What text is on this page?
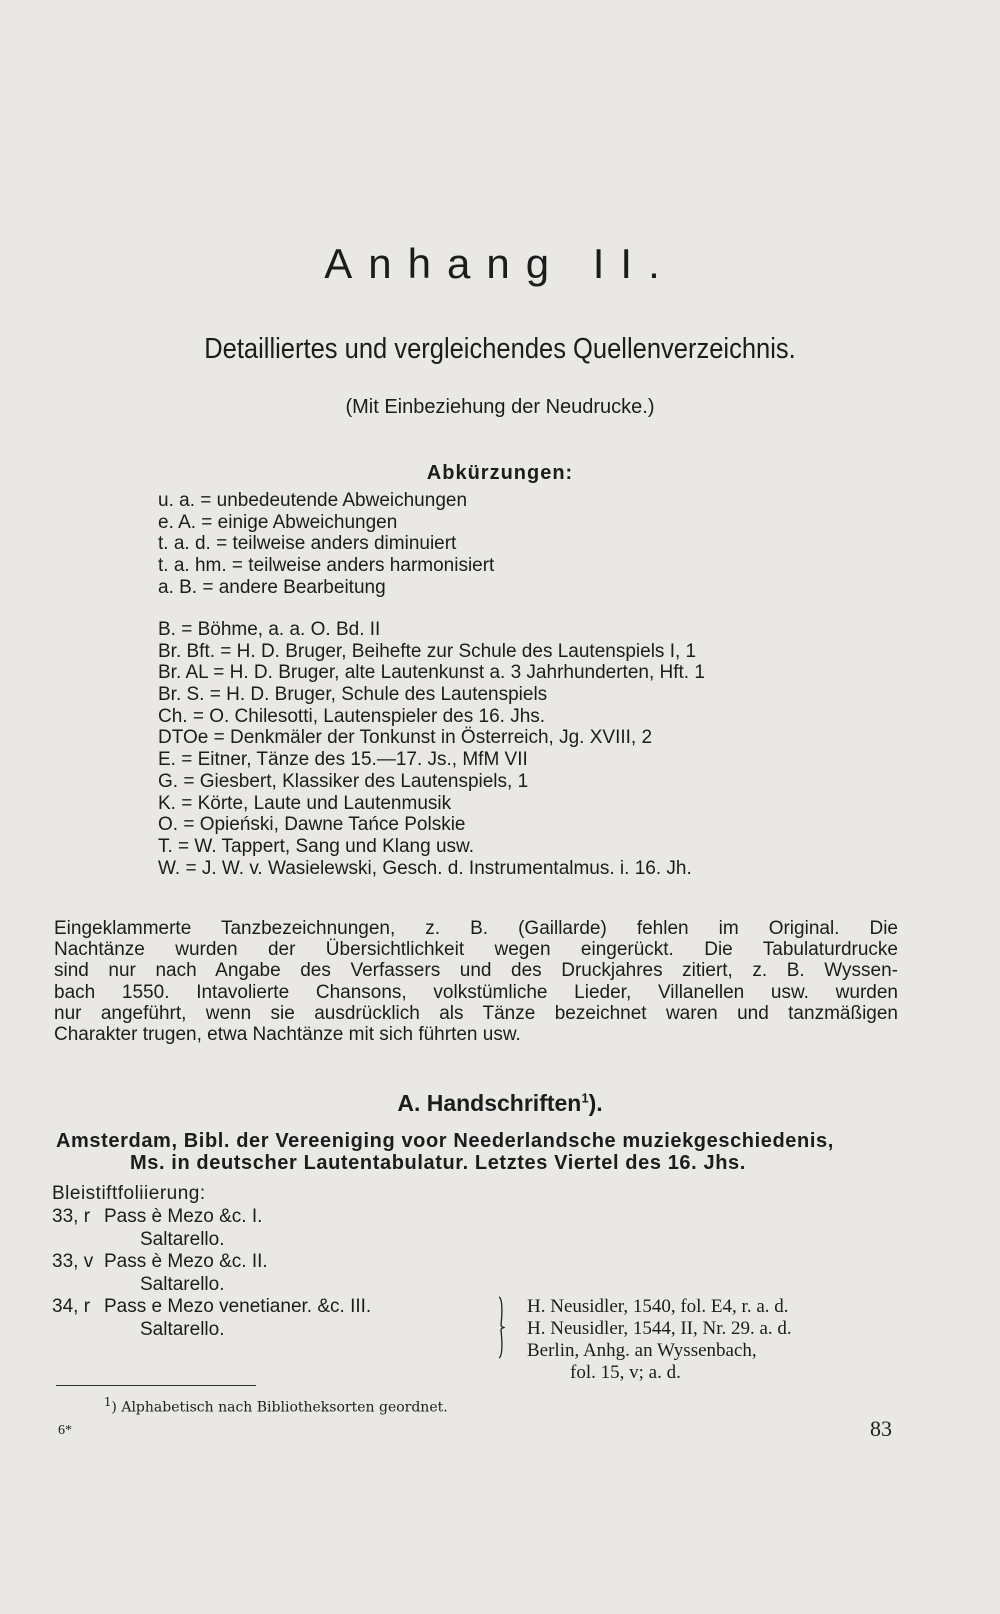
Anhang II.
Detailliertes und vergleichendes Quellenverzeichnis.
(Mit Einbeziehung der Neudrucke.)
Abkürzungen:
u. a. = unbedeutende Abweichungen
e. A. = einige Abweichungen
t. a. d. = teilweise anders diminuiert
t. a. hm. = teilweise anders harmonisiert
a. B. = andere Bearbeitung
B. = Böhme, a. a. O. Bd. II
Br. Bft. = H. D. Bruger, Beihefte zur Schule des Lautenspiels I, 1
Br. AL = H. D. Bruger, alte Lautenkunst a. 3 Jahrhunderten, Hft. 1
Br. S. = H. D. Bruger, Schule des Lautenspiels
Ch. = O. Chilesotti, Lautenspieler des 16. Jhs.
DTOe = Denkmäler der Tonkunst in Österreich, Jg. XVIII, 2
E. = Eitner, Tänze des 15.—17. Js., MfM VII
G. = Giesbert, Klassiker des Lautenspiels, 1
K. = Körte, Laute und Lautenmusik
O. = Opieński, Dawne Tańce Polskie
T. = W. Tappert, Sang und Klang usw.
W. = J. W. v. Wasielewski, Gesch. d. Instrumentalmus. i. 16. Jh.
Eingeklammerte Tanzbezeichnungen, z. B. (Gaillarde) fehlen im Original. Die
Nachtänze wurden der Übersichtlichkeit wegen eingerückt. Die Tabulaturdrucke
sind nur nach Angabe des Verfassers und des Druckjahres zitiert, z. B. Wyssen-
bach 1550. Intavolierte Chansons, volkstümliche Lieder, Villanellen usw. wurden
nur angeführt, wenn sie ausdrücklich als Tänze bezeichnet waren und tanzmäßigen
Charakter trugen, etwa Nachtänze mit sich führten usw.
A. Handschriften$^1$).
Amsterdam, Bibl. der Vereeniging voor Neederlandsche muziekgeschiedenis,
Ms. in deutscher Lautentabulatur. Letztes Viertel des 16. Jhs.
Bleistiftfoliierung:
33, r Pass è Mezo &c. I.
Saltarello.
33, v Pass è Mezo &c. II.
Saltarello.
34, r Pass e Mezo venetianer. &c. III.
Saltarello.
H. Neusidler, 1540, fol. E4, r. a. d.
H. Neusidler, 1544, II, Nr. 29. a. d.
Berlin, Anhg. an Wyssenbach,
fol. 15, v; a. d.
$^1$) Alphabetisch nach Bibliotheksorten geordnet.
6*	83
